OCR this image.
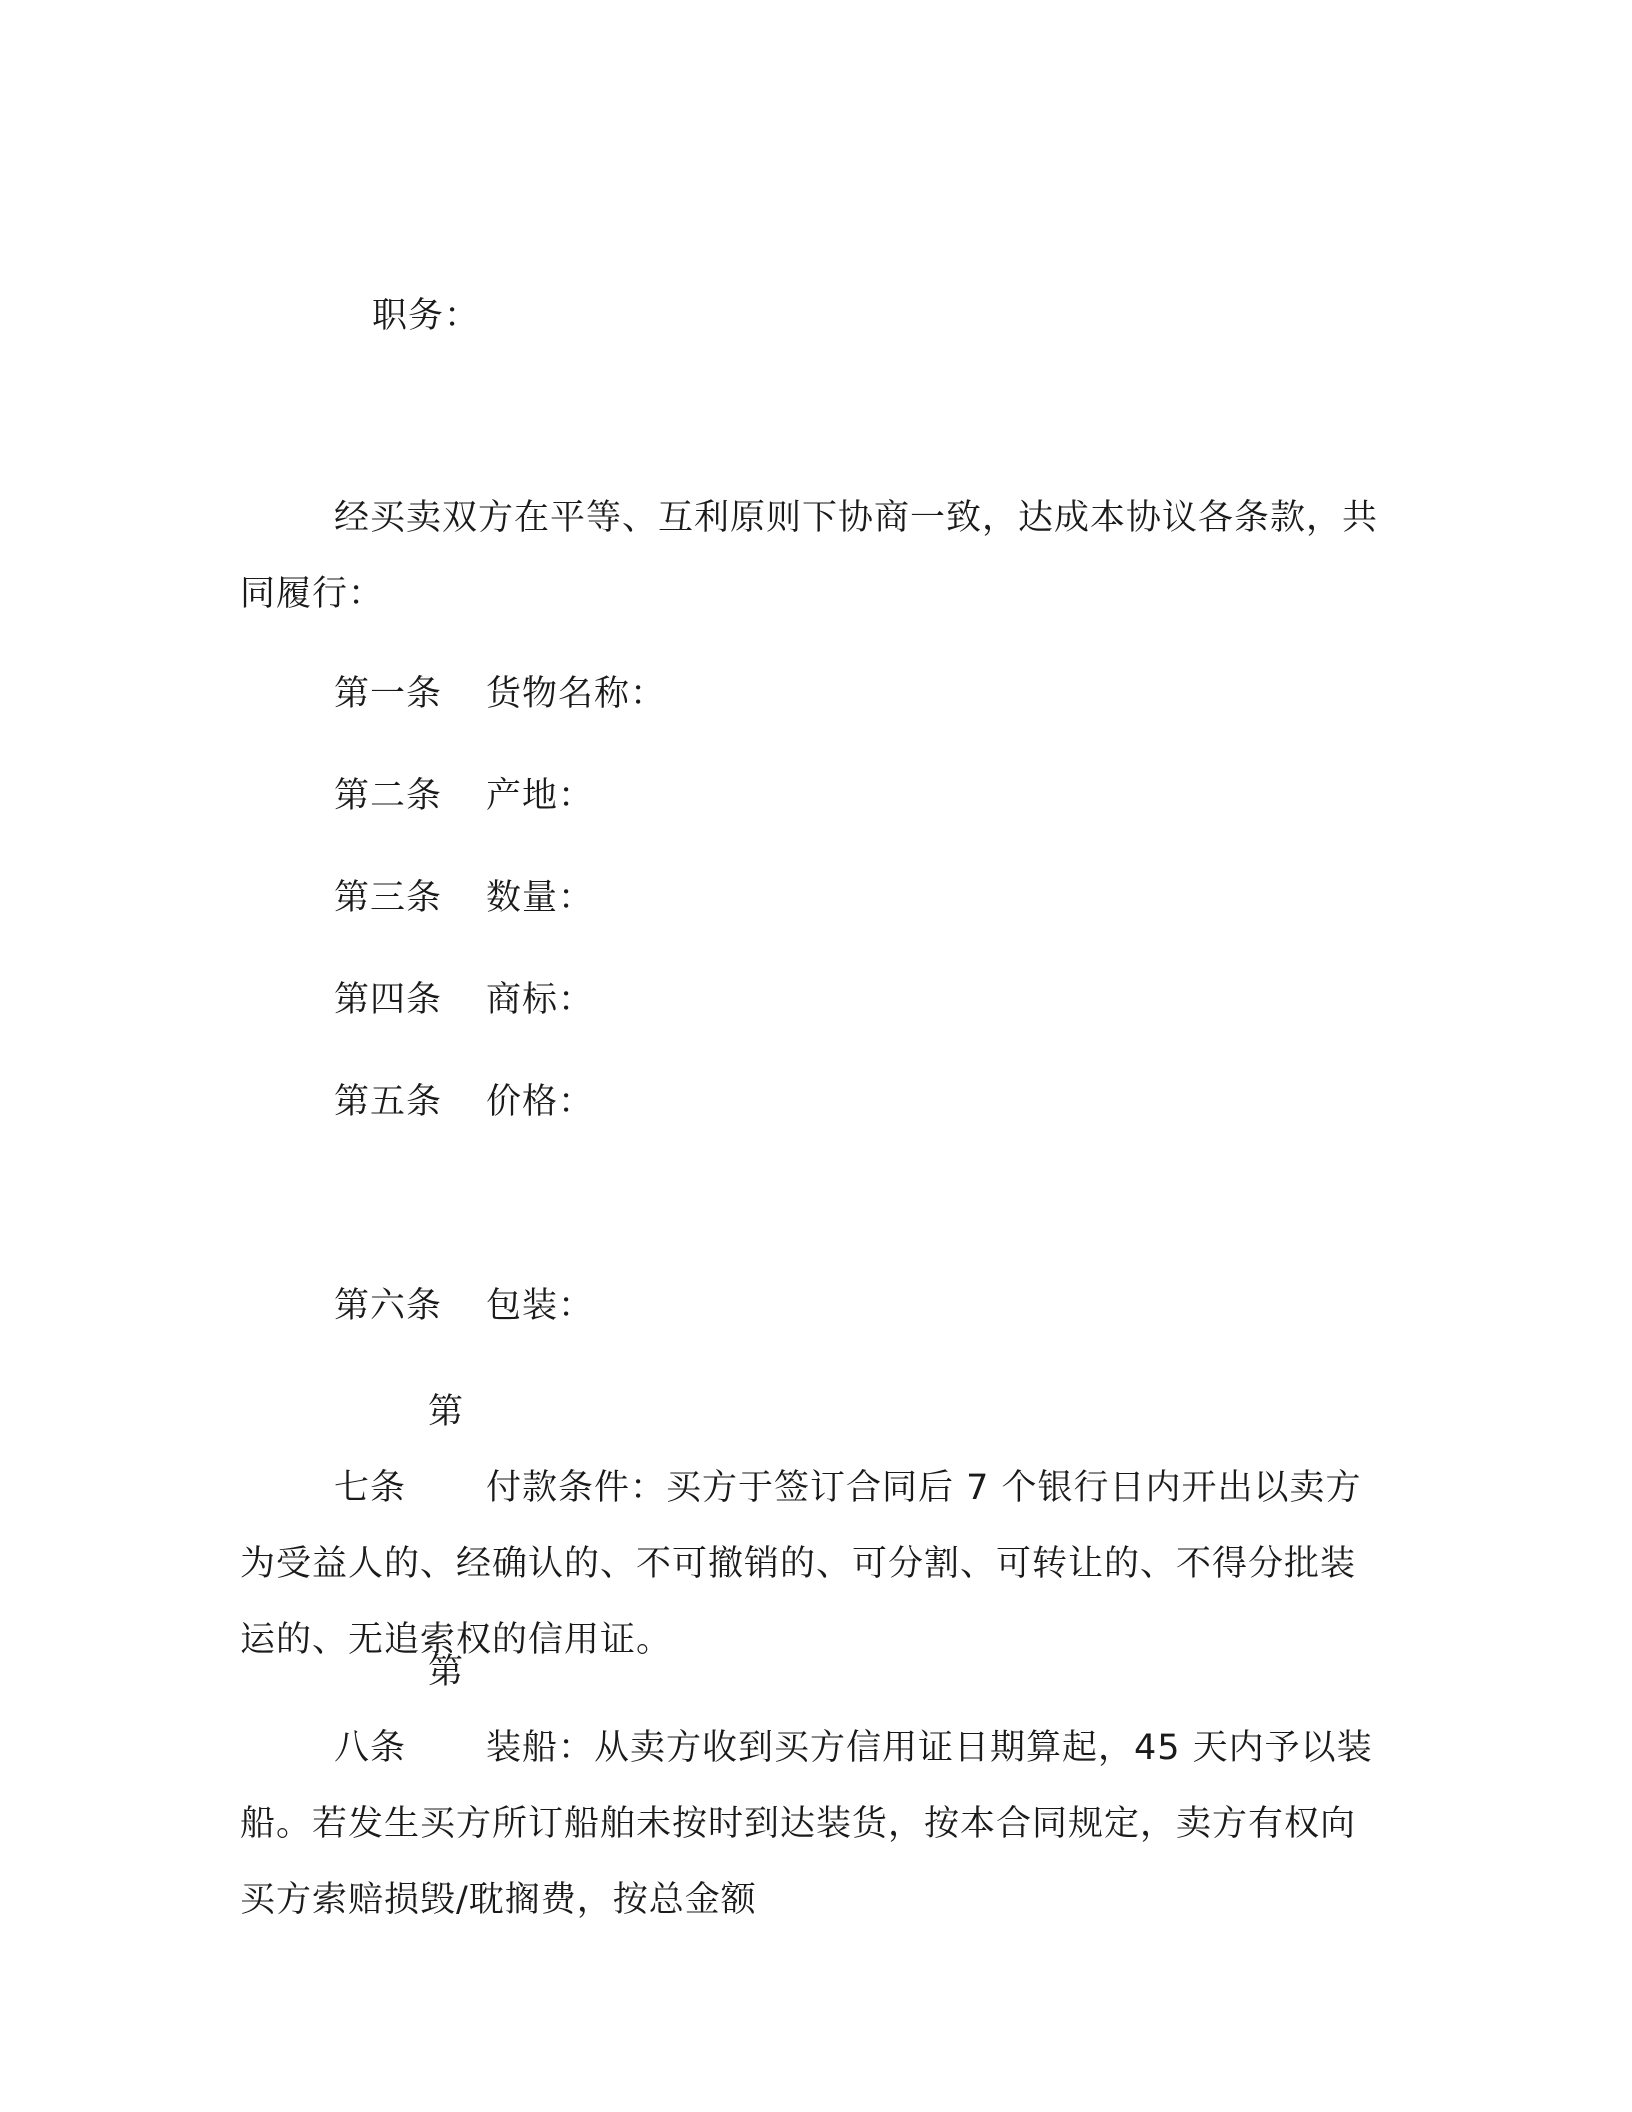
职务：
经买卖双方在平等、互利原则下协商一致，达成本协议各条款，共同履行：
第一条 货物名称：
第二条 产地：
第三条 数量：
第四条 商标：
第五条 价格：
第六条 包装：
第七条 付款条件：买方于签订合同后 7 个银行日内开出以卖方为受益人的、经确认的、不可撤销的、可分割、可转让的、不得分批装运的、无追索权的信用证。
第八条 装船：从卖方收到买方信用证日期算起，45 天内予以装船。若发生买方所订船舶未按时到达装货，按本合同规定，卖方有权向买方索赔损毁/耽搁费，按总金额
